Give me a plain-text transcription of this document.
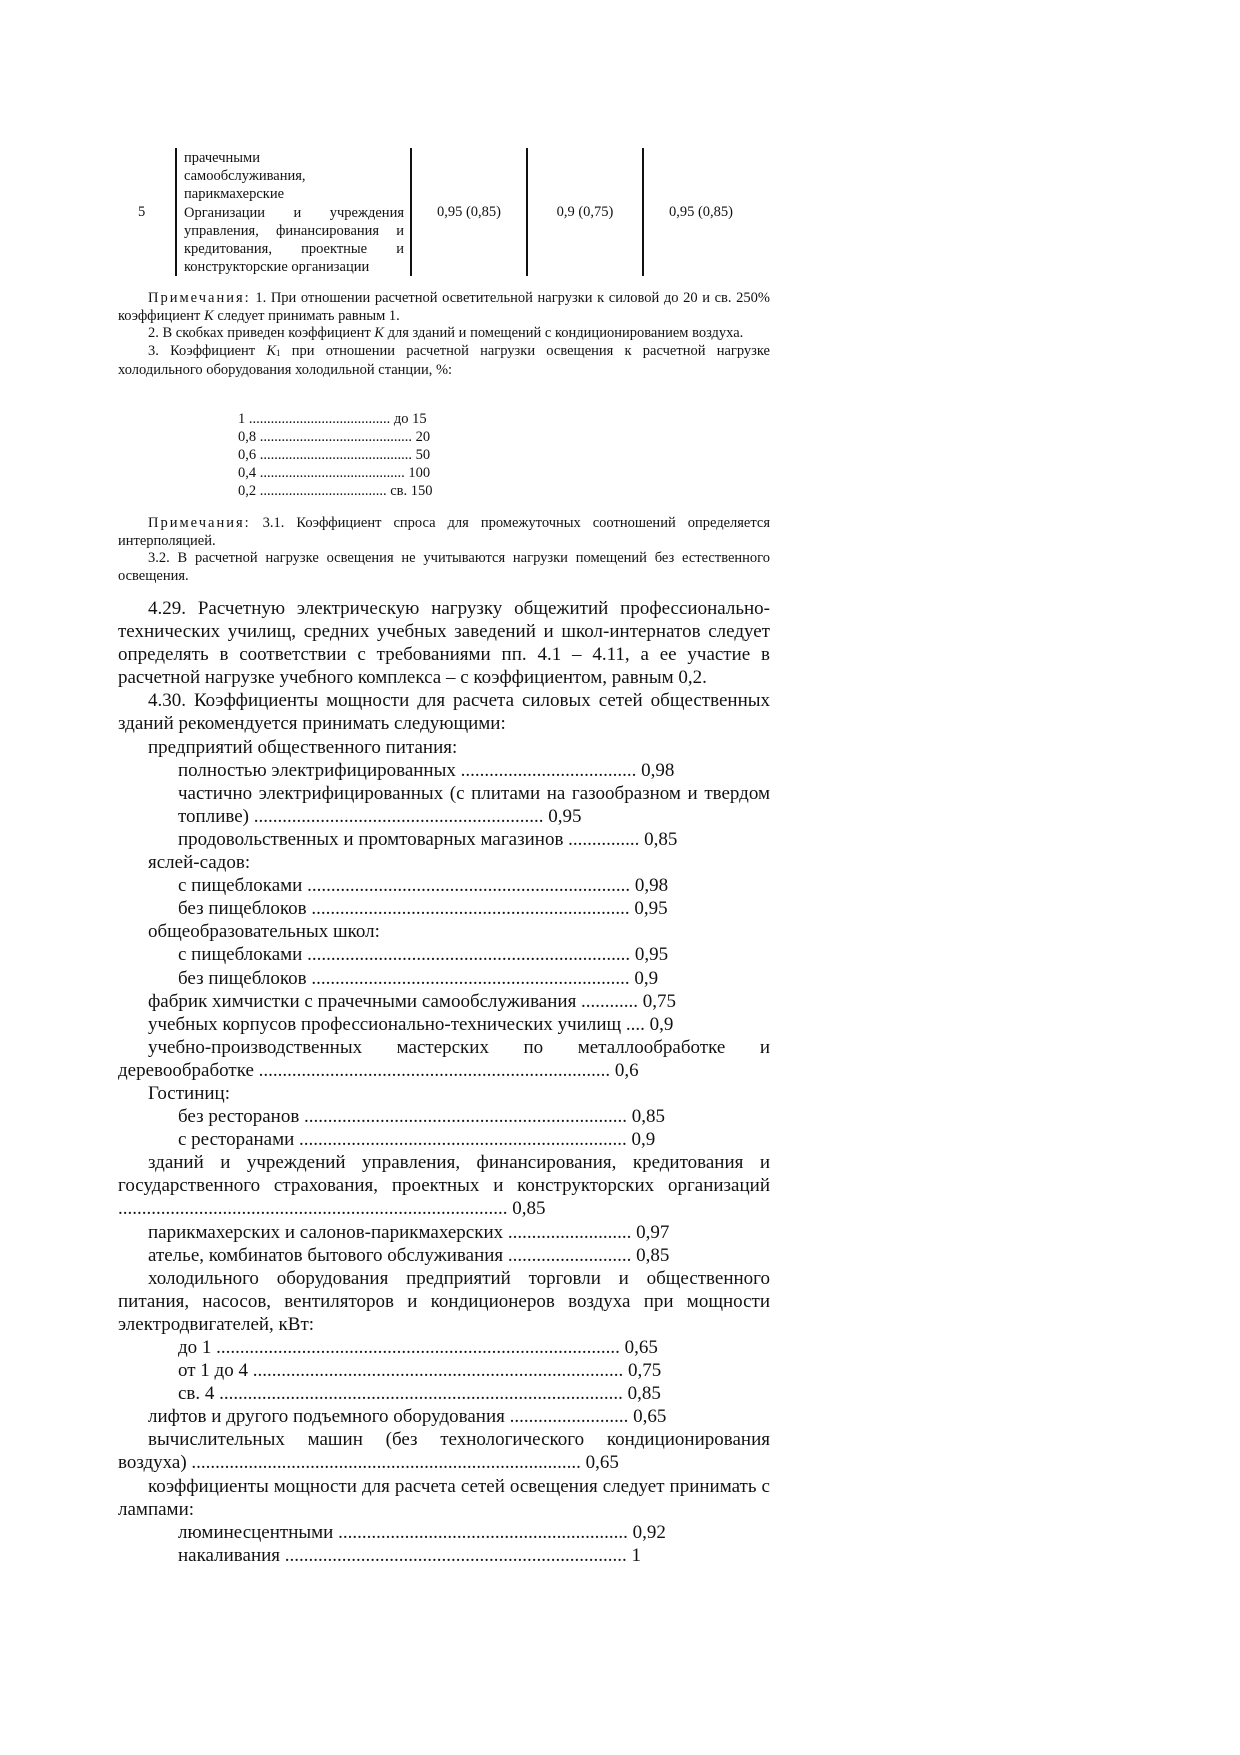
5
прачечными
самообслуживания,
парикмахерские
Организации и учреждения
управления, финансирования и
кредитования, проектные и
конструкторские организации
0,95 (0,85)	0,9 (0,75)	0,95 (0,85)

Примечания: 1. При отношении расчетной осветительной нагрузки к силовой до 20 и св. 250% коэффициент K следует принимать равным 1.

2. В скобках приведен коэффициент K для зданий и помещений с кондиционированием воздуха.

3. Коэффициент $K_1$ при отношении расчетной нагрузки освещения к расчетной нагрузке холодильного оборудования холодильной станции, %:

1 ....................................... до 15
0,8 .......................................... 20
0,6 .......................................... 50
0,4 ........................................ 100
0,2 ................................... св. 150

Примечания: 3.1. Коэффициент спроса для промежуточных соотношений определяется интерполяцией.

3.2. В расчетной нагрузке освещения не учитываются нагрузки помещений без естественного освещения.

4.29. Расчетную электрическую нагрузку общежитий профессионально-технических училищ, средних учебных заведений и школ-интернатов следует определять в соответствии с требованиями пп. 4.1 – 4.11, а ее участие в расчетной нагрузке учебного комплекса – с коэффициентом, равным 0,2.
4.30. Коэффициенты мощности для расчета силовых сетей общественных зданий рекомендуется принимать следующими:
предприятий общественного питания:
полностью электрифицированных ..................................... 0,98
частично электрифицированных (с плитами на газообразном и твердом топливе) ............................................................. 0,95
продовольственных и промтоварных магазинов ............... 0,85
яслей-садов:
с пищеблоками .................................................................... 0,98
без пищеблоков ................................................................... 0,95
общеобразовательных школ:
с пищеблоками .................................................................... 0,95
без пищеблоков ................................................................... 0,9
фабрик химчистки с прачечными самообслуживания ............ 0,75
учебных корпусов профессионально-технических училищ .... 0,9
учебно-производственных мастерских по металлообработке и деревообработке .......................................................................... 0,6
Гостиниц:
без ресторанов .................................................................... 0,85
с ресторанами ..................................................................... 0,9
зданий и учреждений управления, финансирования, кредитования и государственного страхования, проектных и конструкторских организаций .................................................................................. 0,85
парикмахерских и салонов-парикмахерских .......................... 0,97
ателье, комбинатов бытового обслуживания .......................... 0,85
холодильного оборудования предприятий торговли и общественного питания, насосов, вентиляторов и кондиционеров воздуха при мощности электродвигателей, кВт:
до 1 ..................................................................................... 0,65
от 1 до 4 .............................................................................. 0,75
св. 4 ..................................................................................... 0,85
лифтов и другого подъемного оборудования ......................... 0,65
вычислительных машин (без технологического кондиционирования воздуха) .................................................................................. 0,65
коэффициенты мощности для расчета сетей освещения следует принимать с лампами:
люминесцентными ............................................................. 0,92
накаливания ........................................................................ 1
